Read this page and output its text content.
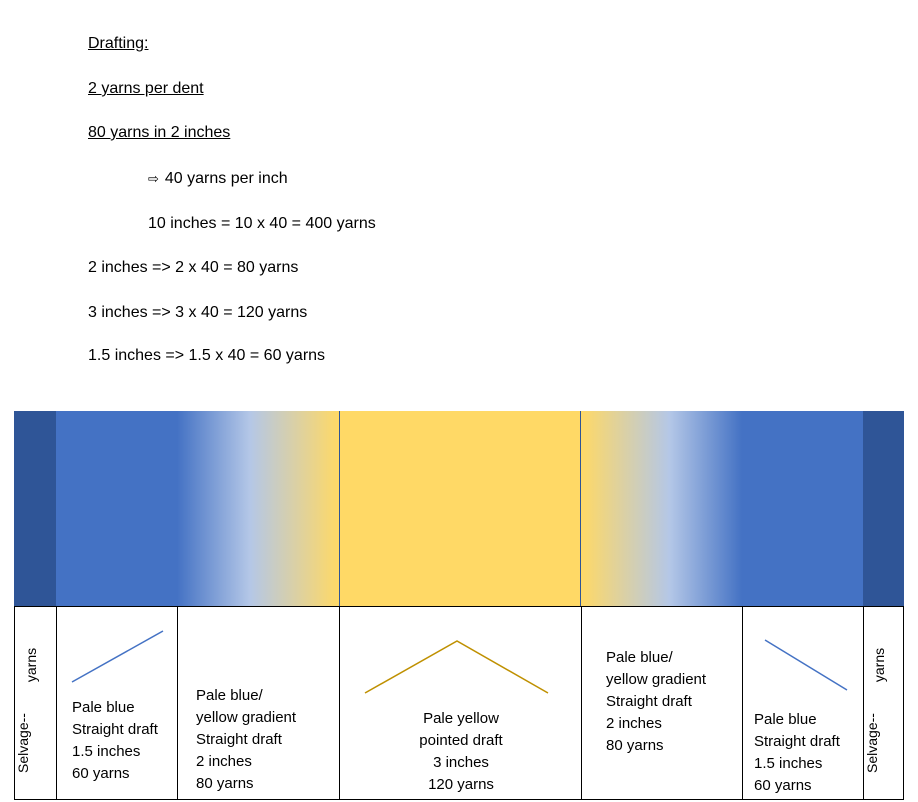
Drafting:
2 yarns per dent
80 yarns in 2 inches
⇨ 40 yarns per inch
10 inches = 10 x 40 = 400 yarns
2 inches => 2 x 40 = 80 yarns
3 inches => 3 x 40 = 120 yarns
1.5 inches => 1.5 x 40 = 60 yarns
Selvage--
yarns
Pale blue
Straight draft
1.5 inches
60 yarns
Pale blue/
yellow gradient
Straight draft
2 inches
80 yarns
Pale yellow
pointed draft
3 inches
120 yarns
Pale blue/
yellow gradient
Straight draft
2 inches
80 yarns
Pale blue
Straight draft
1.5 inches
60 yarns
Selvage--
yarns
